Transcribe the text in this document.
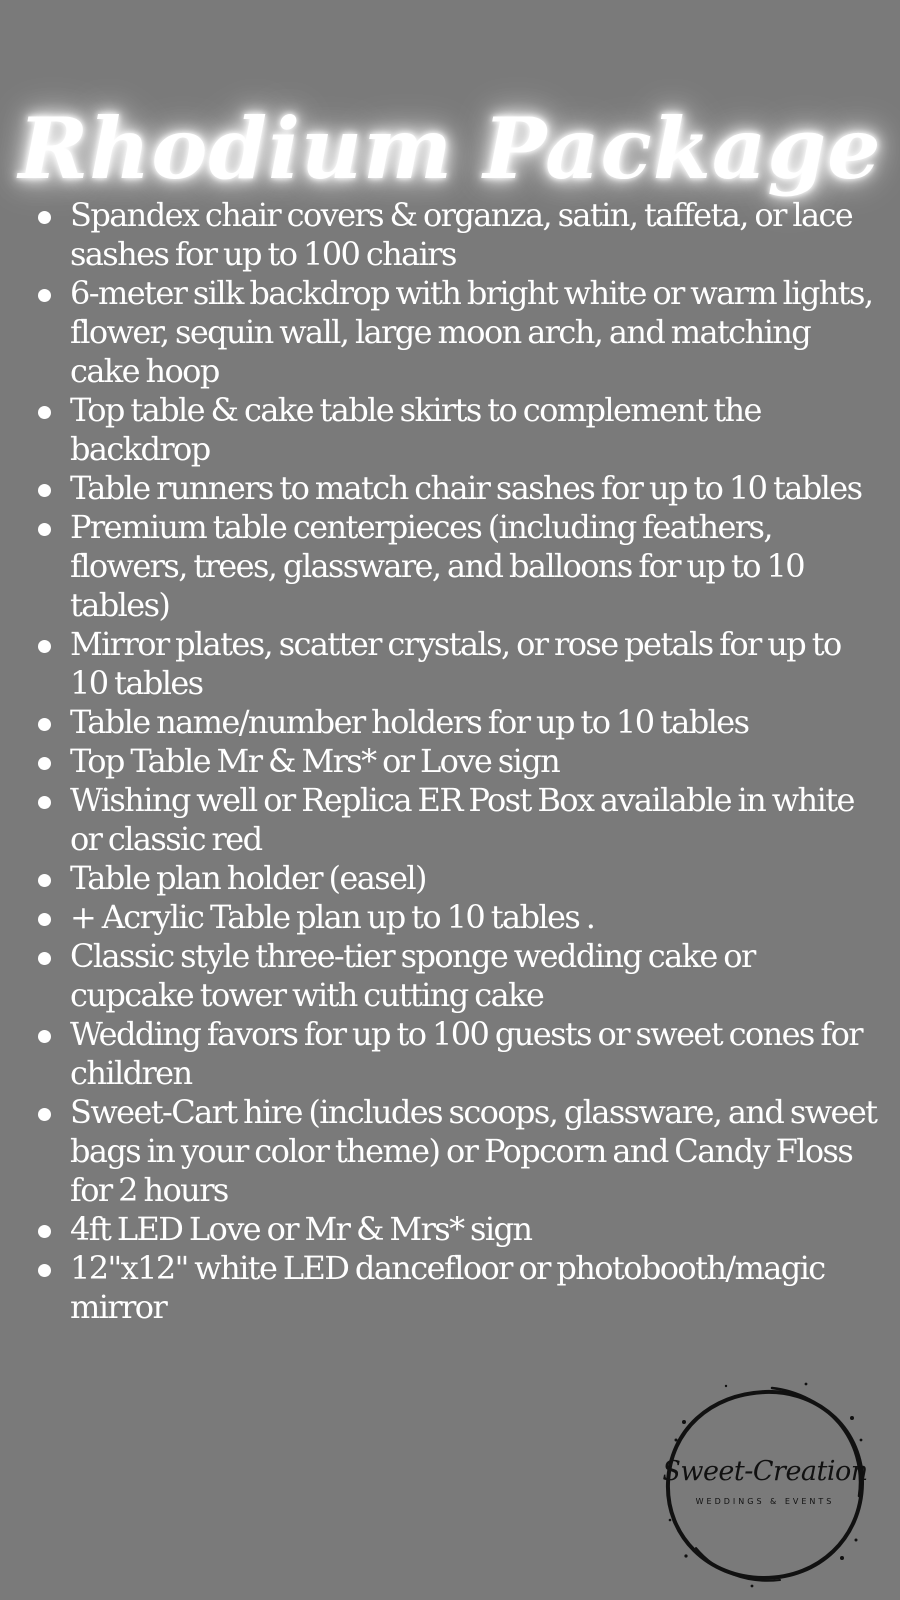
Rhodium Package
Spandex chair covers & organza, satin, taffeta, or lace sashes for up to 100 chairs
6-meter silk backdrop with bright white or warm lights, flower, sequin wall, large moon arch, and matching cake hoop
Top table & cake table skirts to complement the backdrop
Table runners to match chair sashes for up to 10 tables
Premium table centerpieces (including feathers, flowers, trees, glassware, and balloons for up to 10 tables)
Mirror plates, scatter crystals, or rose petals for up to 10 tables
Table name/number holders for up to 10 tables
Top Table Mr & Mrs* or Love sign
Wishing well or Replica ER Post Box available in white or classic red
Table plan holder (easel)
+ Acrylic Table plan up to 10 tables .
Classic style three-tier sponge wedding cake or cupcake tower with cutting cake
Wedding favors for up to 100 guests or sweet cones for children
Sweet-Cart hire (includes scoops, glassware, and sweet bags in your color theme) or Popcorn and Candy Floss for 2 hours
4ft LED Love or Mr & Mrs* sign
12"x12" white LED dancefloor or photobooth/magic mirror
Sweet-Creation
WEDDINGS & EVENTS
